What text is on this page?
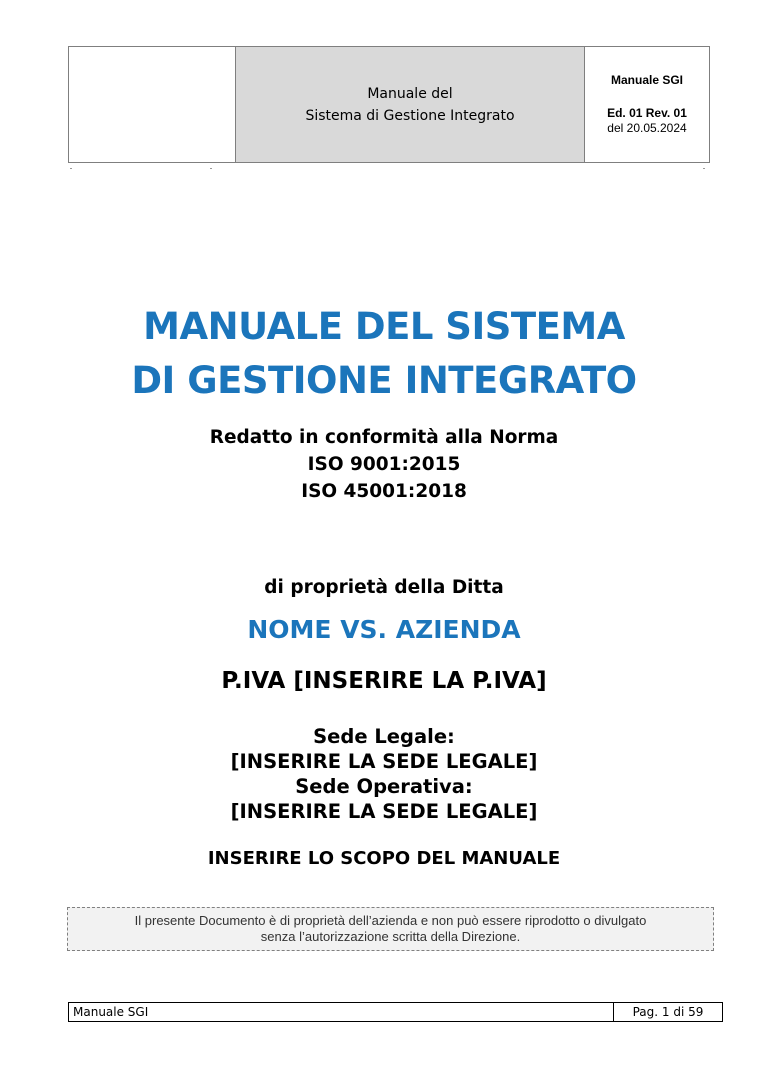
Manuale del
Sistema di Gestione Integrato

Manuale SGI
Ed. 01 Rev. 01
del 20.05.2024
MANUALE DEL SISTEMA
DI GESTIONE INTEGRATO
Redatto in conformità alla Norma
ISO 9001:2015
ISO 45001:2018
di proprietà della Ditta
NOME VS. AZIENDA
P.IVA [INSERIRE LA P.IVA]
Sede Legale:
[INSERIRE LA SEDE LEGALE]
Sede Operativa:
[INSERIRE LA SEDE LEGALE]
INSERIRE LO SCOPO DEL MANUALE
Il presente Documento è di proprietà dell’azienda e non può essere riprodotto o divulgato
senza l’autorizzazione scritta della Direzione.
Manuale SGI	Pag. 1 di 59
